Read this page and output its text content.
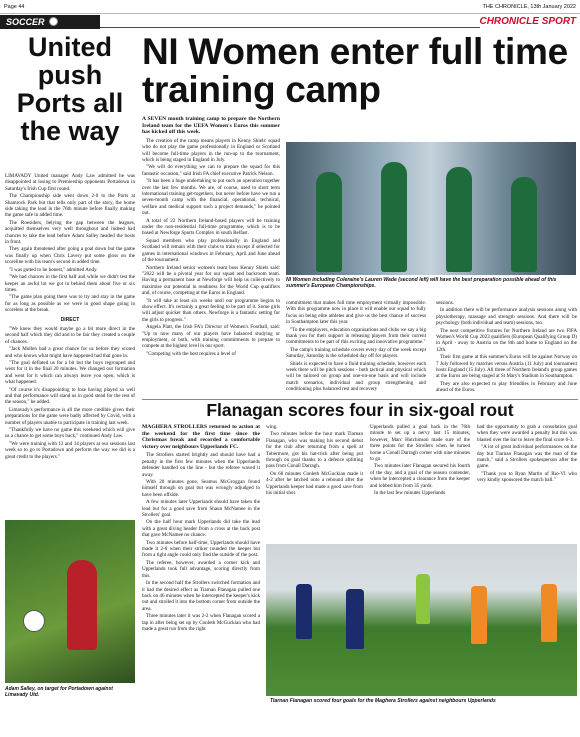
Page 44	THE CHRONICLE, 13th January 2022
SOCCER	CHRONICLE SPORT
United push Ports all the way

LIMAVADY United manager Andy Law admitted he was disappointed at losing to Premiership opponents Portadown in Saturday's Irish Cup first round.

The Championship side went down 2-0 to the Ports at Shamrock Park but that tells only part of the story, the home side taking the lead in the 76th minute before finally making the game safe in added time.

The Roesiders, belying the gap between the leagues, acquitted themselves very well throughout and indeed had chances to take the lead before Adam Salley headed the hosts in front.

They again threatened after going a goal down but the game was finally up when Chris Lavery put some gloss on the scoreline with his team's second in added time.

"I was gutted to be honest," admitted Andy.

"We had chances in the first half and while we didn't test the keeper an awful lot we got in behind them about five or six times.

"The game plan going there was to try and stay in the game for as long as possible as we were in good shape going in scoreless at the break.

DIRECT

"We knew they would maybe go a bit more direct in the second half which they did and to be fair they created a couple of chances.

"Jack Mullen had a great chance for us before they scored and who knows what might have happened had that gone in.

"The goal deflated us for a bit but the boys regrouped and went for it in the final 20 minutes. We changed our formation and went for it which can always leave you open, which is what happened.

"Of course it's disappointing to lose having played so well and that performance will stand us in good stead for the rest of the season," he added.

Limavady's performance is all the more credible given their preparations for the game were badly affected by Covid, with a number of players unable to participate in training last week.

"Thankfully we have no game this weekend which will give us a chance to get some boys back," continued Andy Law.

"We were training with 12 and 14 players at our sessions last week so to go to Portadown and perform the way we did is a great credit to the players."

Adam Salley, on target for Portadown against Limavady Utd.
NI Women enter full time training camp
A SEVEN month training camp to prepare the Northern Ireland team for the UEFA Women's Euros this summer has kicked off this week.

The creation of the camp means players in Kenny Shiels' squad who do not play the game professionally in England or Scotland will become full-time players in the run-up to the tournament, which is being staged in England in July.

"We will do everything we can to prepare the squad for this fantastic occasion," said Irish FA chief executive Patrick Nelson.

"It has been a huge undertaking to put such an operation together over the last few months. We are, of course, used to short term international training get-togethers, but never before have we run a seven-month camp with the financial, operational, technical, welfare and medical support such a project demands," he pointed out.

A total of 22 Northern Ireland-based players will be training under the non-residential full-time programme, which is to be based at Newforge Sports Complex in south Belfast.

Squad members who play professionally in England and Scotland will remain with their clubs to train except if selected for games in international windows in February, April and June ahead of the tournament.

Northern Ireland senior women's team boss Kenny Shiels said: "2022 will be a pivotal year for our squad and backroom team. Having a permanent base at Newforge will help us collectively to maximise our potential in readiness for the World Cup qualifiers and, of course, competing at the Euros in England.

"It will take at least six weeks until our programme begins to show effect. It's certainly a great feeling to be part of it. Some girls will adjust quicker than others. Newforge is a fantastic setting for the girls to progress."

Angela Platt, the Irish FA's Director of Women's Football, said: "Up to now many of our players have balanced studying or employment, or both, with training commitments to prepare to compete at the highest level in our sport.

"Competing with the best requires a level of

NI Women including Coleraine's Lauren Wade (second left) will have the best preparation possible ahead of this summer's European Championships.

commitment that makes full time employment virtually impossible. With this programme now in place it will enable our squad to fully focus on being elite athletes and give us the best chance of success in Southampton later this year.

"To the employers, education organisations and clubs we say a big thank you for their support in releasing players from their current commitments to be part of this exciting and innovative programme."

The camp's training schedule covers every day of the week except Saturday, Saturday is the scheduled day off for players.

Shiels is expected to have a fluid training schedule, however each week there will be pitch sessions - both tactical and physical which will be tailored on group and one-on-one basis and will include match scenarios, individual and group strengthening and conditioning plus balanced rest and recovery

sessions.

In addition there will be performance analysis sessions along with physiotherapy, massage and strength sessions. And there will be psychology (both individual and team) sessions, too.

The next competitive fixtures for Northern Ireland are two FIFA Women's World Cup 2023 qualifiers (European Qualifying Group D) in April - away to Austria on the 8th and home to England on the 12th.

Their first game at this summer's Euros will be against Norway on 7 July followed by matches versus Austria (11 July) and tournament hosts England (15 July). All three of Northern Ireland's group games at the Euros are being staged at St Mary's Stadium in Southampton.

They are also expected to play friendlies in February and June ahead of the Euros.

Flanagan scores four in six-goal rout
MAGHERA STROLLERS returned to action at the weekend for the first time since the Christmas break and recorded a comfortable victory over neighbours Upperlands FC.

The Strollers started brightly and should have had a penalty in the first few minutes when the Upperlands defender handled on the line - but the referee waved it away.

With 20 minutes gone, Seamus McGroggan found himself through on goal but was wrongly adjudged to have been offside.

A few minutes later Upperlands should have taken the lead but for a good save from Shaun McNamee in the Strollers' goal.

On the half hour mark Upperlands did take the lead with a great diving header from a cross at the back post that gave McNamee no chance.

Two minutes before half-time, Upperlands should have made it 2-0 when their striker rounded the keeper but from a tight angle could only find the outside of the post.

The referee, however, awarded a corner kick and Upperlands took full advantage, scoring directly from this.

In the second half the Strollers switched formation and it had the desired effect as Tiarnan Flanagan pulled one back on 46 minutes when he intercepted the keeper's kick out and strolled it into the bottom corner from outside the area.

Three minutes later it was 2-2 when Flanagan scored a tap in after being set up by Conleth McGuckian who had made a great run from the right

wing.

Two minutes before the hour mark Tiarnan Flanagan, who was making his second debut for the club after returning from a spell at Tobermore, got his hat-trick after being put through on goal thanks to a defence splitting pass from Conall Darragh.

On 68 minutes Conleth McGuckian made it 4-2 after he latched onto a rebound after the Upperlands keeper had made a good save from his initial shot.

Upperlands pulled a goal back in the 76th minute to set up a nervy last 15 minutes, however, Marc Hutchinson made sure of the three points for the Strollers when he turned home a Conall Darragh corner with nine minutes to go.

Two minutes later Flanagan secured his fourth of the day, and a goal of the season contender, when he intercepted a clearance from the keeper and lobbed him from 35 yards.

In the last few minutes Upperlands

had the opportunity to grab a consolation goal when they were awarded a penalty but this was blasted over the bar to leave the final score 6-3.

"A lot of great individual performances on the day but Tiarnan Flanagan was the man of the match," said a Strollers spokesperson after the game.

"Thank you to Ryan Martin of Rio-VI who very kindly sponsored the match ball."

Tiarnan Flanagan scored four goals for the Maghera Strollers against neighbours Upperlands
